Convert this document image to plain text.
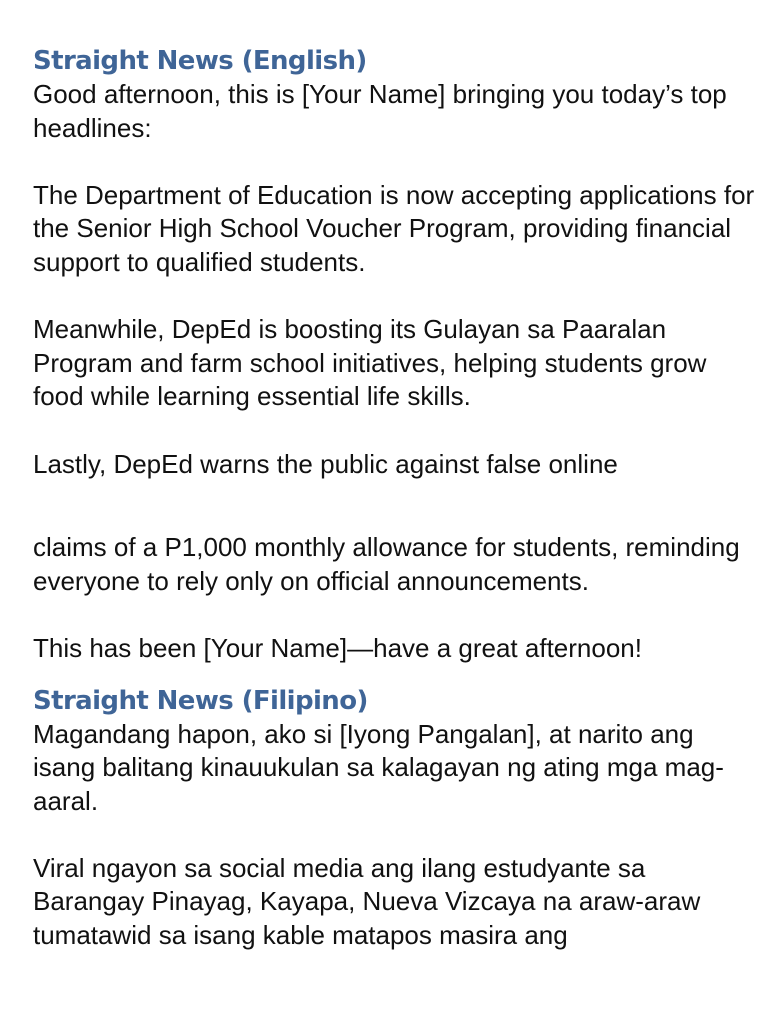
Straight News (English)

Good afternoon, this is [Your Name] bringing you today’s top headlines:

The Department of Education is now accepting applications for the Senior High School Voucher Program, providing financial support to qualified students.

Meanwhile, DepEd is boosting its Gulayan sa Paaralan Program and farm school initiatives, helping students grow food while learning essential life skills.

Lastly, DepEd warns the public against false online

claims of a P1,000 monthly allowance for students, reminding everyone to rely only on official announcements.

This has been [Your Name]—have a great afternoon!

Straight News (Filipino)

Magandang hapon, ako si [Iyong Pangalan], at narito ang isang balitang kinauukulan sa kalagayan ng ating mga mag-aaral.

Viral ngayon sa social media ang ilang estudyante sa Barangay Pinayag, Kayapa, Nueva Vizcaya na araw-araw tumatawid sa isang kable matapos masira ang
